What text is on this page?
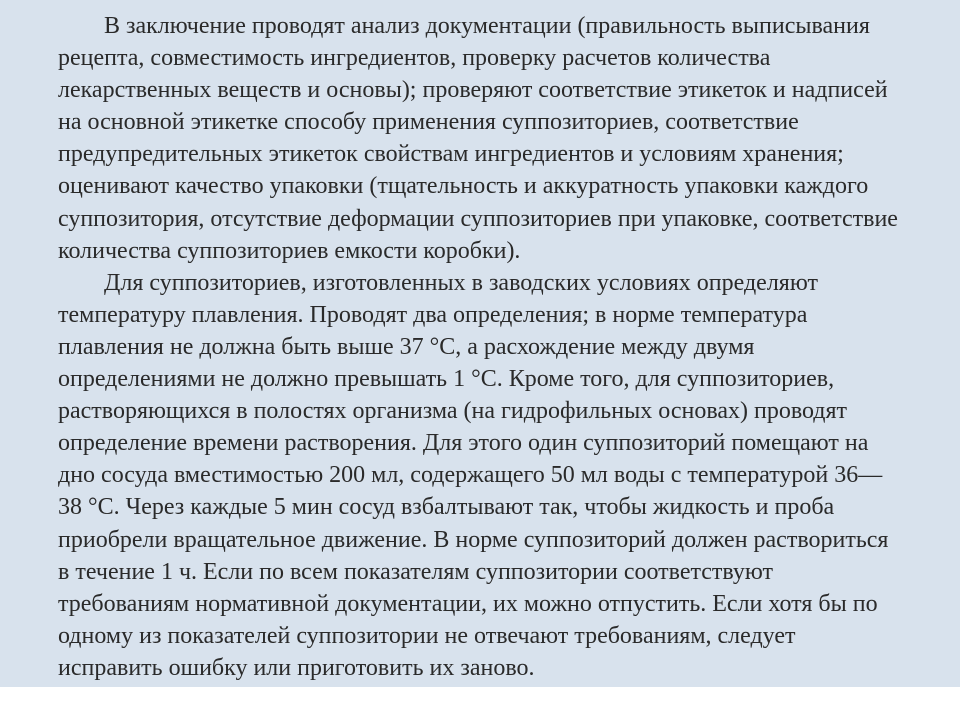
В заключение проводят анализ документации (правильность выписывания
рецепта, совместимость ингредиентов, проверку расчетов количества
лекарственных веществ и основы); проверяют соответствие этикеток и надписей
на основной этикетке способу применения суппозиториев, соответствие
предупредительных этикеток свойствам ингредиентов и условиям хранения;
оценивают качество упаковки (тщательность и аккуратность упаковки каждого
суппозитория, отсутствие деформации суппозиториев при упаковке, соответствие
количества суппозиториев емкости коробки).
Для суппозиториев, изготовленных в заводских условиях определяют
температуру плавления. Проводят два определения; в норме температура
плавления не должна быть выше 37 °С, а расхождение между двумя
определениями не должно превышать 1 °С. Кроме того, для суппозиториев,
растворяющихся в полостях организма (на гидрофильных основах) проводят
определение времени растворения. Для этого один суппозиторий помещают на
дно сосуда вместимостью 200 мл, содержащего 50 мл воды с температурой 36—
38 °С. Через каждые 5 мин сосуд взбалтывают так, чтобы жидкость и проба
приобрели вращательное движение. В норме суппозиторий должен раствориться
в течение 1 ч. Если по всем показателям суппозитории соответствуют
требованиям нормативной документации, их можно отпустить. Если хотя бы по
одному из показателей суппозитории не отвечают требованиям, следует
исправить ошибку или приготовить их заново.
